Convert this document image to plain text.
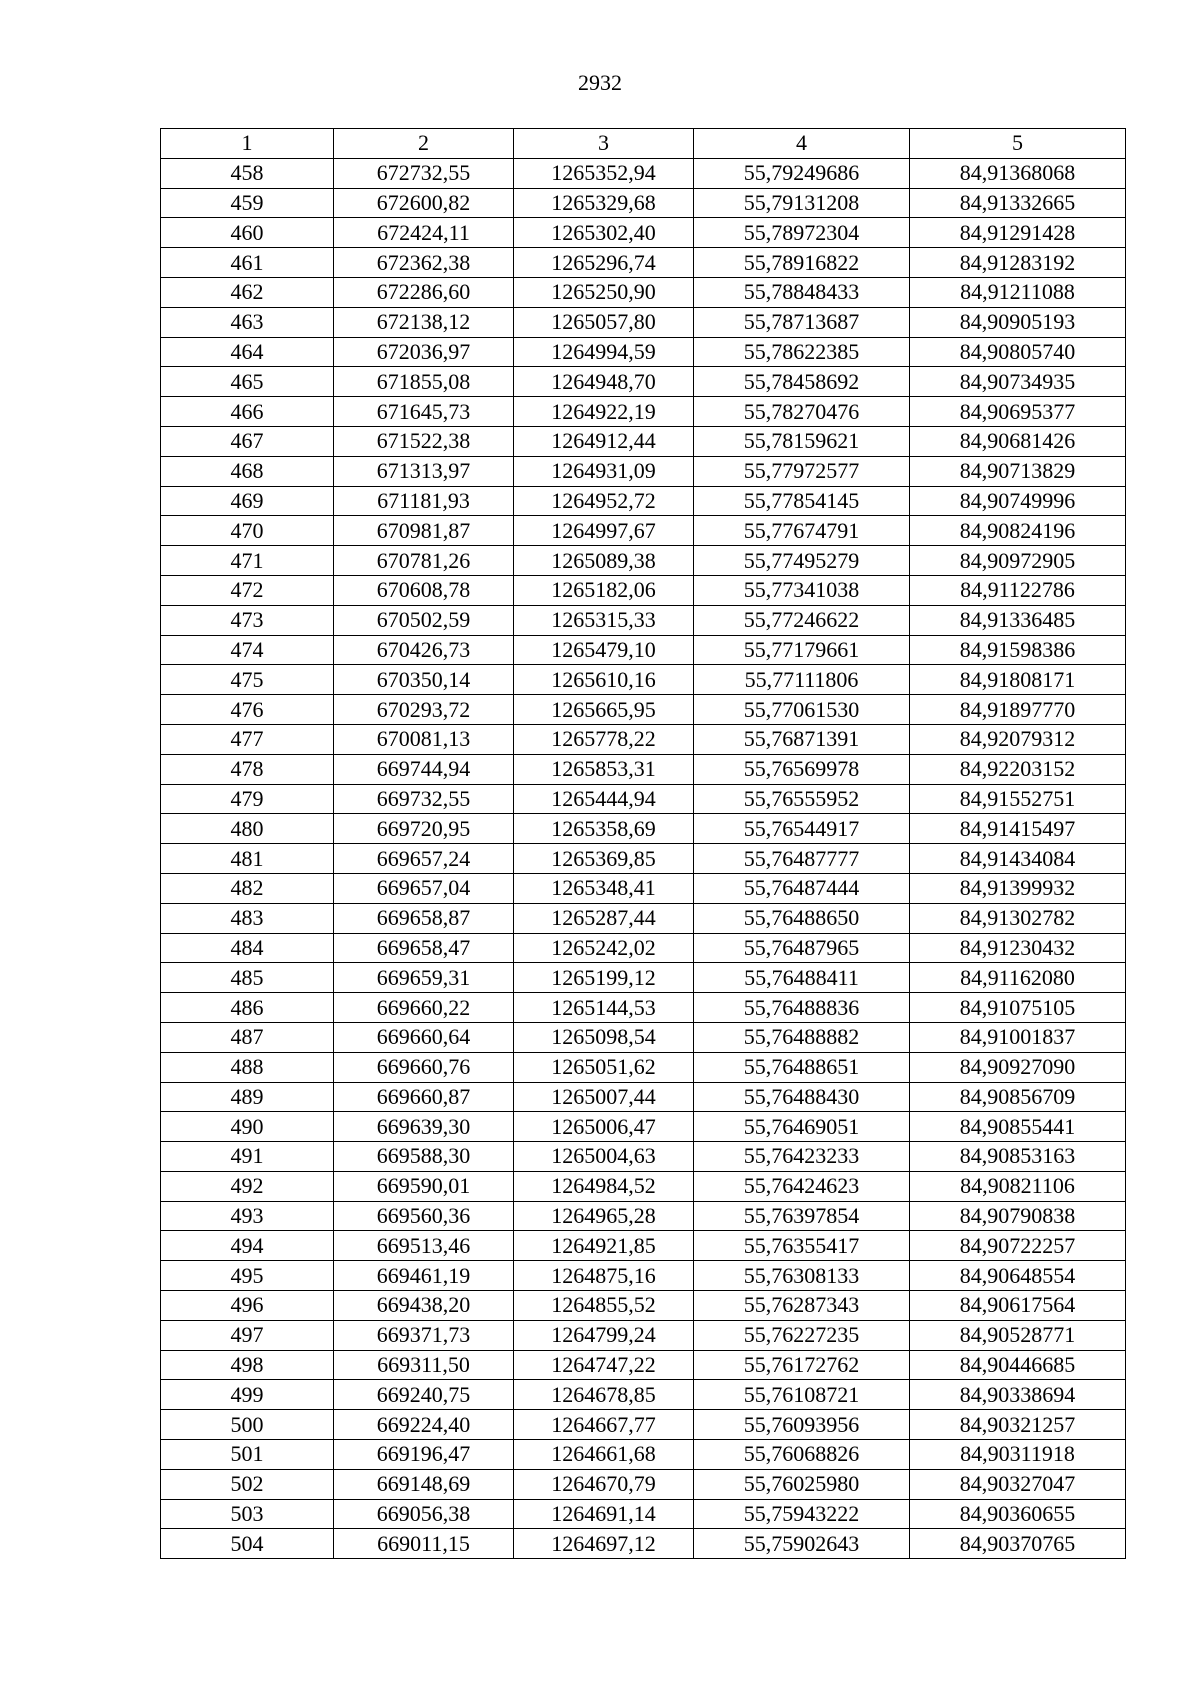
2932
1	2	3	4	5
458	672732,55	1265352,94	55,79249686	84,91368068
459	672600,82	1265329,68	55,79131208	84,91332665
460	672424,11	1265302,40	55,78972304	84,91291428
461	672362,38	1265296,74	55,78916822	84,91283192
462	672286,60	1265250,90	55,78848433	84,91211088
463	672138,12	1265057,80	55,78713687	84,90905193
464	672036,97	1264994,59	55,78622385	84,90805740
465	671855,08	1264948,70	55,78458692	84,90734935
466	671645,73	1264922,19	55,78270476	84,90695377
467	671522,38	1264912,44	55,78159621	84,90681426
468	671313,97	1264931,09	55,77972577	84,90713829
469	671181,93	1264952,72	55,77854145	84,90749996
470	670981,87	1264997,67	55,77674791	84,90824196
471	670781,26	1265089,38	55,77495279	84,90972905
472	670608,78	1265182,06	55,77341038	84,91122786
473	670502,59	1265315,33	55,77246622	84,91336485
474	670426,73	1265479,10	55,77179661	84,91598386
475	670350,14	1265610,16	55,77111806	84,91808171
476	670293,72	1265665,95	55,77061530	84,91897770
477	670081,13	1265778,22	55,76871391	84,92079312
478	669744,94	1265853,31	55,76569978	84,92203152
479	669732,55	1265444,94	55,76555952	84,91552751
480	669720,95	1265358,69	55,76544917	84,91415497
481	669657,24	1265369,85	55,76487777	84,91434084
482	669657,04	1265348,41	55,76487444	84,91399932
483	669658,87	1265287,44	55,76488650	84,91302782
484	669658,47	1265242,02	55,76487965	84,91230432
485	669659,31	1265199,12	55,76488411	84,91162080
486	669660,22	1265144,53	55,76488836	84,91075105
487	669660,64	1265098,54	55,76488882	84,91001837
488	669660,76	1265051,62	55,76488651	84,90927090
489	669660,87	1265007,44	55,76488430	84,90856709
490	669639,30	1265006,47	55,76469051	84,90855441
491	669588,30	1265004,63	55,76423233	84,90853163
492	669590,01	1264984,52	55,76424623	84,90821106
493	669560,36	1264965,28	55,76397854	84,90790838
494	669513,46	1264921,85	55,76355417	84,90722257
495	669461,19	1264875,16	55,76308133	84,90648554
496	669438,20	1264855,52	55,76287343	84,90617564
497	669371,73	1264799,24	55,76227235	84,90528771
498	669311,50	1264747,22	55,76172762	84,90446685
499	669240,75	1264678,85	55,76108721	84,90338694
500	669224,40	1264667,77	55,76093956	84,90321257
501	669196,47	1264661,68	55,76068826	84,90311918
502	669148,69	1264670,79	55,76025980	84,90327047
503	669056,38	1264691,14	55,75943222	84,90360655
504	669011,15	1264697,12	55,75902643	84,90370765
